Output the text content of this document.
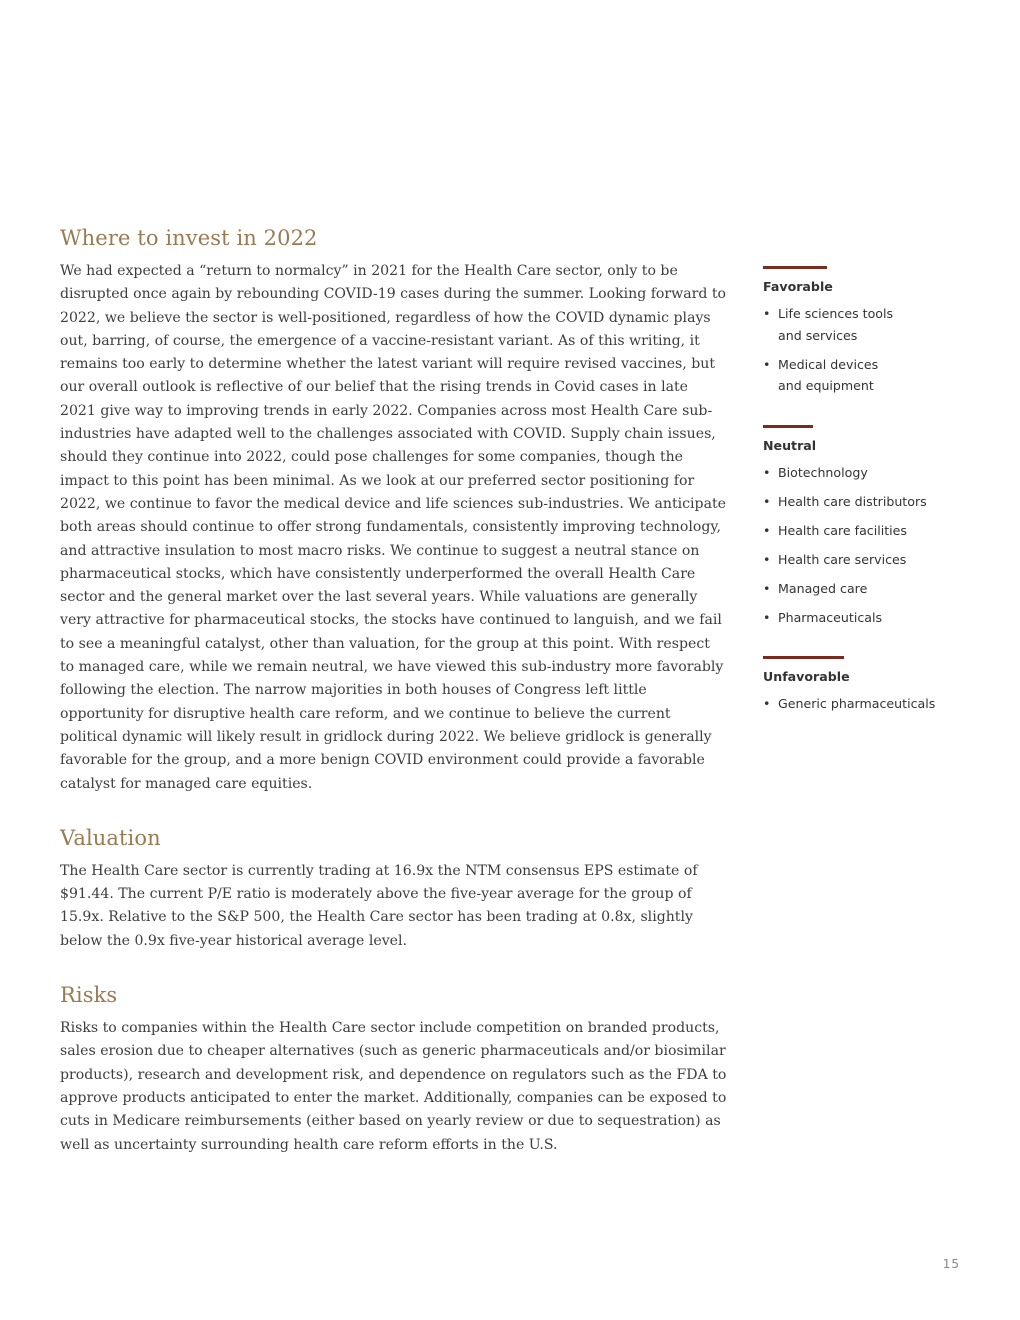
Where to invest in 2022

We had expected a “return to normalcy” in 2021 for the Health Care sector, only to be disrupted once again by rebounding COVID-19 cases during the summer. Looking forward to 2022, we believe the sector is well-positioned, regardless of how the COVID dynamic plays out, barring, of course, the emergence of a vaccine-resistant variant. As of this writing, it remains too early to determine whether the latest variant will require revised vaccines, but our overall outlook is reflective of our belief that the rising trends in Covid cases in late 2021 give way to improving trends in early 2022. Companies across most Health Care sub-industries have adapted well to the challenges associated with COVID. Supply chain issues, should they continue into 2022, could pose challenges for some companies, though the impact to this point has been minimal. As we look at our preferred sector positioning for 2022, we continue to favor the medical device and life sciences sub-industries. We anticipate both areas should continue to offer strong fundamentals, consistently improving technology, and attractive insulation to most macro risks. We continue to suggest a neutral stance on pharmaceutical stocks, which have consistently underperformed the overall Health Care sector and the general market over the last several years. While valuations are generally very attractive for pharmaceutical stocks, the stocks have continued to languish, and we fail to see a meaningful catalyst, other than valuation, for the group at this point. With respect to managed care, while we remain neutral, we have viewed this sub-industry more favorably following the election. The narrow majorities in both houses of Congress left little opportunity for disruptive health care reform, and we continue to believe the current political dynamic will likely result in gridlock during 2022. We believe gridlock is generally favorable for the group, and a more benign COVID environment could provide a favorable catalyst for managed care equities.

Valuation

The Health Care sector is currently trading at 16.9x the NTM consensus EPS estimate of $91.44. The current P/E ratio is moderately above the five-year average for the group of 15.9x. Relative to the S&P 500, the Health Care sector has been trading at 0.8x, slightly below the 0.9x five-year historical average level.

Risks

Risks to companies within the Health Care sector include competition on branded products, sales erosion due to cheaper alternatives (such as generic pharmaceuticals and/or biosimilar products), research and development risk, and dependence on regulators such as the FDA to approve products anticipated to enter the market. Additionally, companies can be exposed to cuts in Medicare reimbursements (either based on yearly review or due to sequestration) as well as uncertainty surrounding health care reform efforts in the U.S.

Favorable
• Life sciences tools and services
• Medical devices and equipment
Neutral
• Biotechnology
• Health care distributors
• Health care facilities
• Health care services
• Managed care
• Pharmaceuticals
Unfavorable
• Generic pharmaceuticals
15
